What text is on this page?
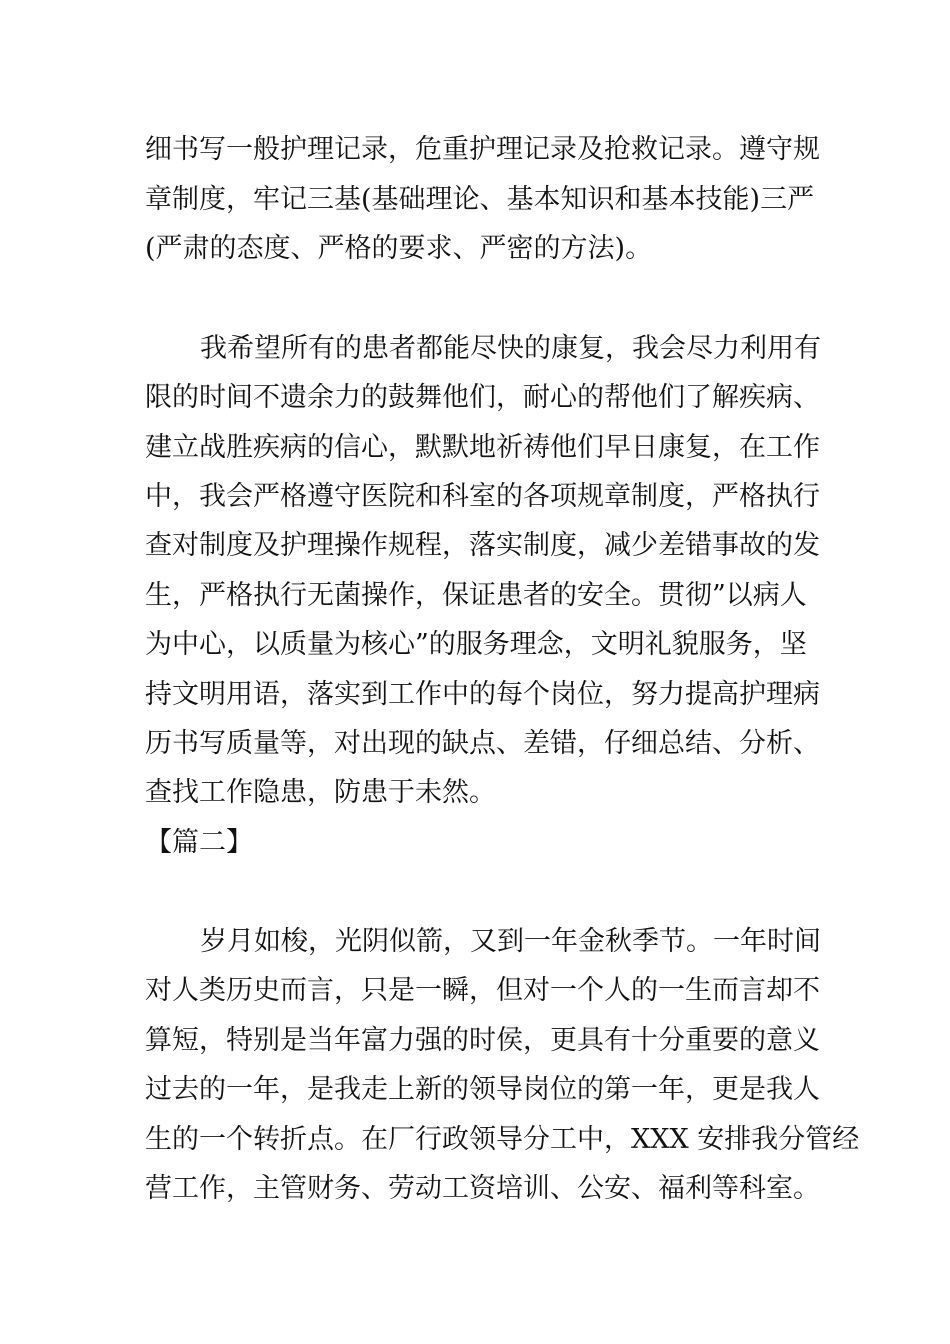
细书写一般护理记录，危重护理记录及抢救记录。遵守规
章制度，牢记三基(基础理论、基本知识和基本技能)三严
(严肃的态度、严格的要求、严密的方法)。
我希望所有的患者都能尽快的康复，我会尽力利用有
限的时间不遗余力的鼓舞他们，耐心的帮他们了解疾病、
建立战胜疾病的信心，默默地祈祷他们早日康复，在工作
中，我会严格遵守医院和科室的各项规章制度，严格执行
查对制度及护理操作规程，落实制度，减少差错事故的发
生，严格执行无菌操作，保证患者的安全。贯彻”以病人
为中心，以质量为核心”的服务理念，文明礼貌服务，坚
持文明用语，落实到工作中的每个岗位，努力提高护理病
历书写质量等，对出现的缺点、差错，仔细总结、分析、
查找工作隐患，防患于未然。
【篇二】
岁月如梭，光阴似箭，又到一年金秋季节。一年时间
对人类历史而言，只是一瞬，但对一个人的一生而言却不
算短，特别是当年富力强的时侯，更具有十分重要的意义
过去的一年，是我走上新的领导岗位的第一年，更是我人
生的一个转折点。在厂行政领导分工中，XXX 安排我分管经
营工作，主管财务、劳动工资培训、公安、福利等科室。
